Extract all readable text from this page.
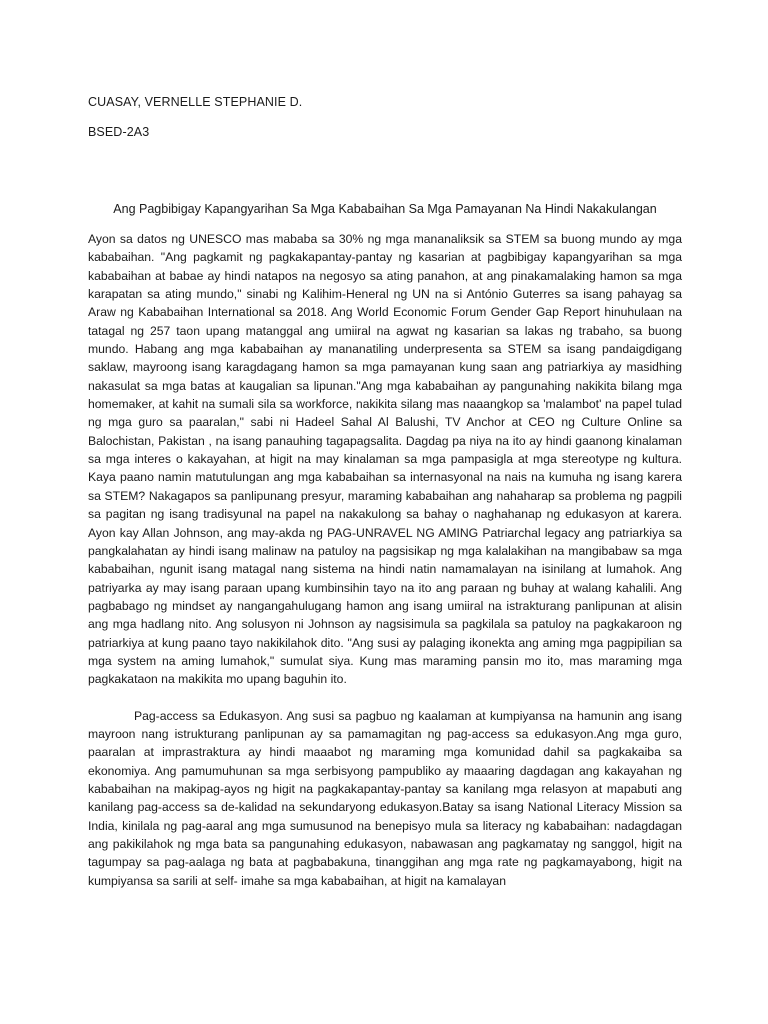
CUASAY, VERNELLE STEPHANIE D.

BSED-2A3

Ang Pagbibigay Kapangyarihan Sa Mga Kababaihan Sa Mga Pamayanan Na Hindi Nakakulangan

Ayon sa datos ng UNESCO mas mababa sa 30% ng mga mananaliksik sa STEM sa buong mundo ay mga kababaihan. "Ang pagkamit ng pagkakapantay-pantay ng kasarian at pagbibigay kapangyarihan sa mga kababaihan at babae ay hindi natapos na negosyo sa ating panahon, at ang pinakamalaking hamon sa mga karapatan sa ating mundo," sinabi ng Kalihim-Heneral ng UN na si António Guterres sa isang pahayag sa Araw ng Kababaihan International sa 2018. Ang World Economic Forum Gender Gap Report hinuhulaan na tatagal ng 257 taon upang matanggal ang umiiral na agwat ng kasarian sa lakas ng trabaho, sa buong mundo. Habang ang mga kababaihan ay mananatiling underpresenta sa STEM sa isang pandaigdigang saklaw, mayroong isang karagdagang hamon sa mga pamayanan kung saan ang patriarkiya ay masidhing nakasulat sa mga batas at kaugalian sa lipunan."Ang mga kababaihan ay pangunahing nakikita bilang mga homemaker, at kahit na sumali sila sa workforce, nakikita silang mas naaangkop sa 'malambot' na papel tulad ng mga guro sa paaralan," sabi ni Hadeel Sahal Al Balushi, TV Anchor at CEO ng Culture Online sa Balochistan, Pakistan , na isang panauhing tagapagsalita. Dagdag pa niya na ito ay hindi gaanong kinalaman sa mga interes o kakayahan, at higit na may kinalaman sa mga pampasigla at mga stereotype ng kultura. Kaya paano namin matutulungan ang mga kababaihan sa internasyonal na nais na kumuha ng isang karera sa STEM? Nakagapos sa panlipunang presyur, maraming kababaihan ang nahaharap sa problema ng pagpili sa pagitan ng isang tradisyunal na papel na nakakulong sa bahay o naghahanap ng edukasyon at karera. Ayon kay Allan Johnson, ang may-akda ng PAG-UNRAVEL NG AMING Patriarchal legacy ang patriarkiya sa pangkalahatan ay hindi isang malinaw na patuloy na pagsisikap ng mga kalalakihan na mangibabaw sa mga kababaihan, ngunit isang matagal nang sistema na hindi natin namamalayan na isinilang at lumahok. Ang patriyarka ay may isang paraan upang kumbinsihin tayo na ito ang paraan ng buhay at walang kahalili. Ang pagbabago ng mindset ay nangangahulugang hamon ang isang umiiral na istrakturang panlipunan at alisin ang mga hadlang nito. Ang solusyon ni Johnson ay nagsisimula sa pagkilala sa patuloy na pagkakaroon ng patriarkiya at kung paano tayo nakikilahok dito. "Ang susi ay palaging ikonekta ang aming mga pagpipilian sa mga system na aming lumahok," sumulat siya. Kung mas maraming pansin mo ito, mas maraming mga pagkakataon na makikita mo upang baguhin ito.

Pag-access sa Edukasyon. Ang susi sa pagbuo ng kaalaman at kumpiyansa na hamunin ang isang mayroon nang istrukturang panlipunan ay sa pamamagitan ng pag-access sa edukasyon.Ang mga guro, paaralan at imprastraktura ay hindi maaabot ng maraming mga komunidad dahil sa pagkakaiba sa ekonomiya. Ang pamumuhunan sa mga serbisyong pampubliko ay maaaring dagdagan ang kakayahan ng kababaihan na makipag-ayos ng higit na pagkakapantay-pantay sa kanilang mga relasyon at mapabuti ang kanilang pag-access sa de-kalidad na sekundaryong edukasyon.Batay sa isang National Literacy Mission sa India, kinilala ng pag-aaral ang mga sumusunod na benepisyo mula sa literacy ng kababaihan: nadagdagan ang pakikilahok ng mga bata sa pangunahing edukasyon, nabawasan ang pagkamatay ng sanggol, higit na tagumpay sa pag-aalaga ng bata at pagbabakuna, tinanggihan ang mga rate ng pagkamayabong, higit na kumpiyansa sa sarili at self- imahe sa mga kababaihan, at higit na kamalayan
